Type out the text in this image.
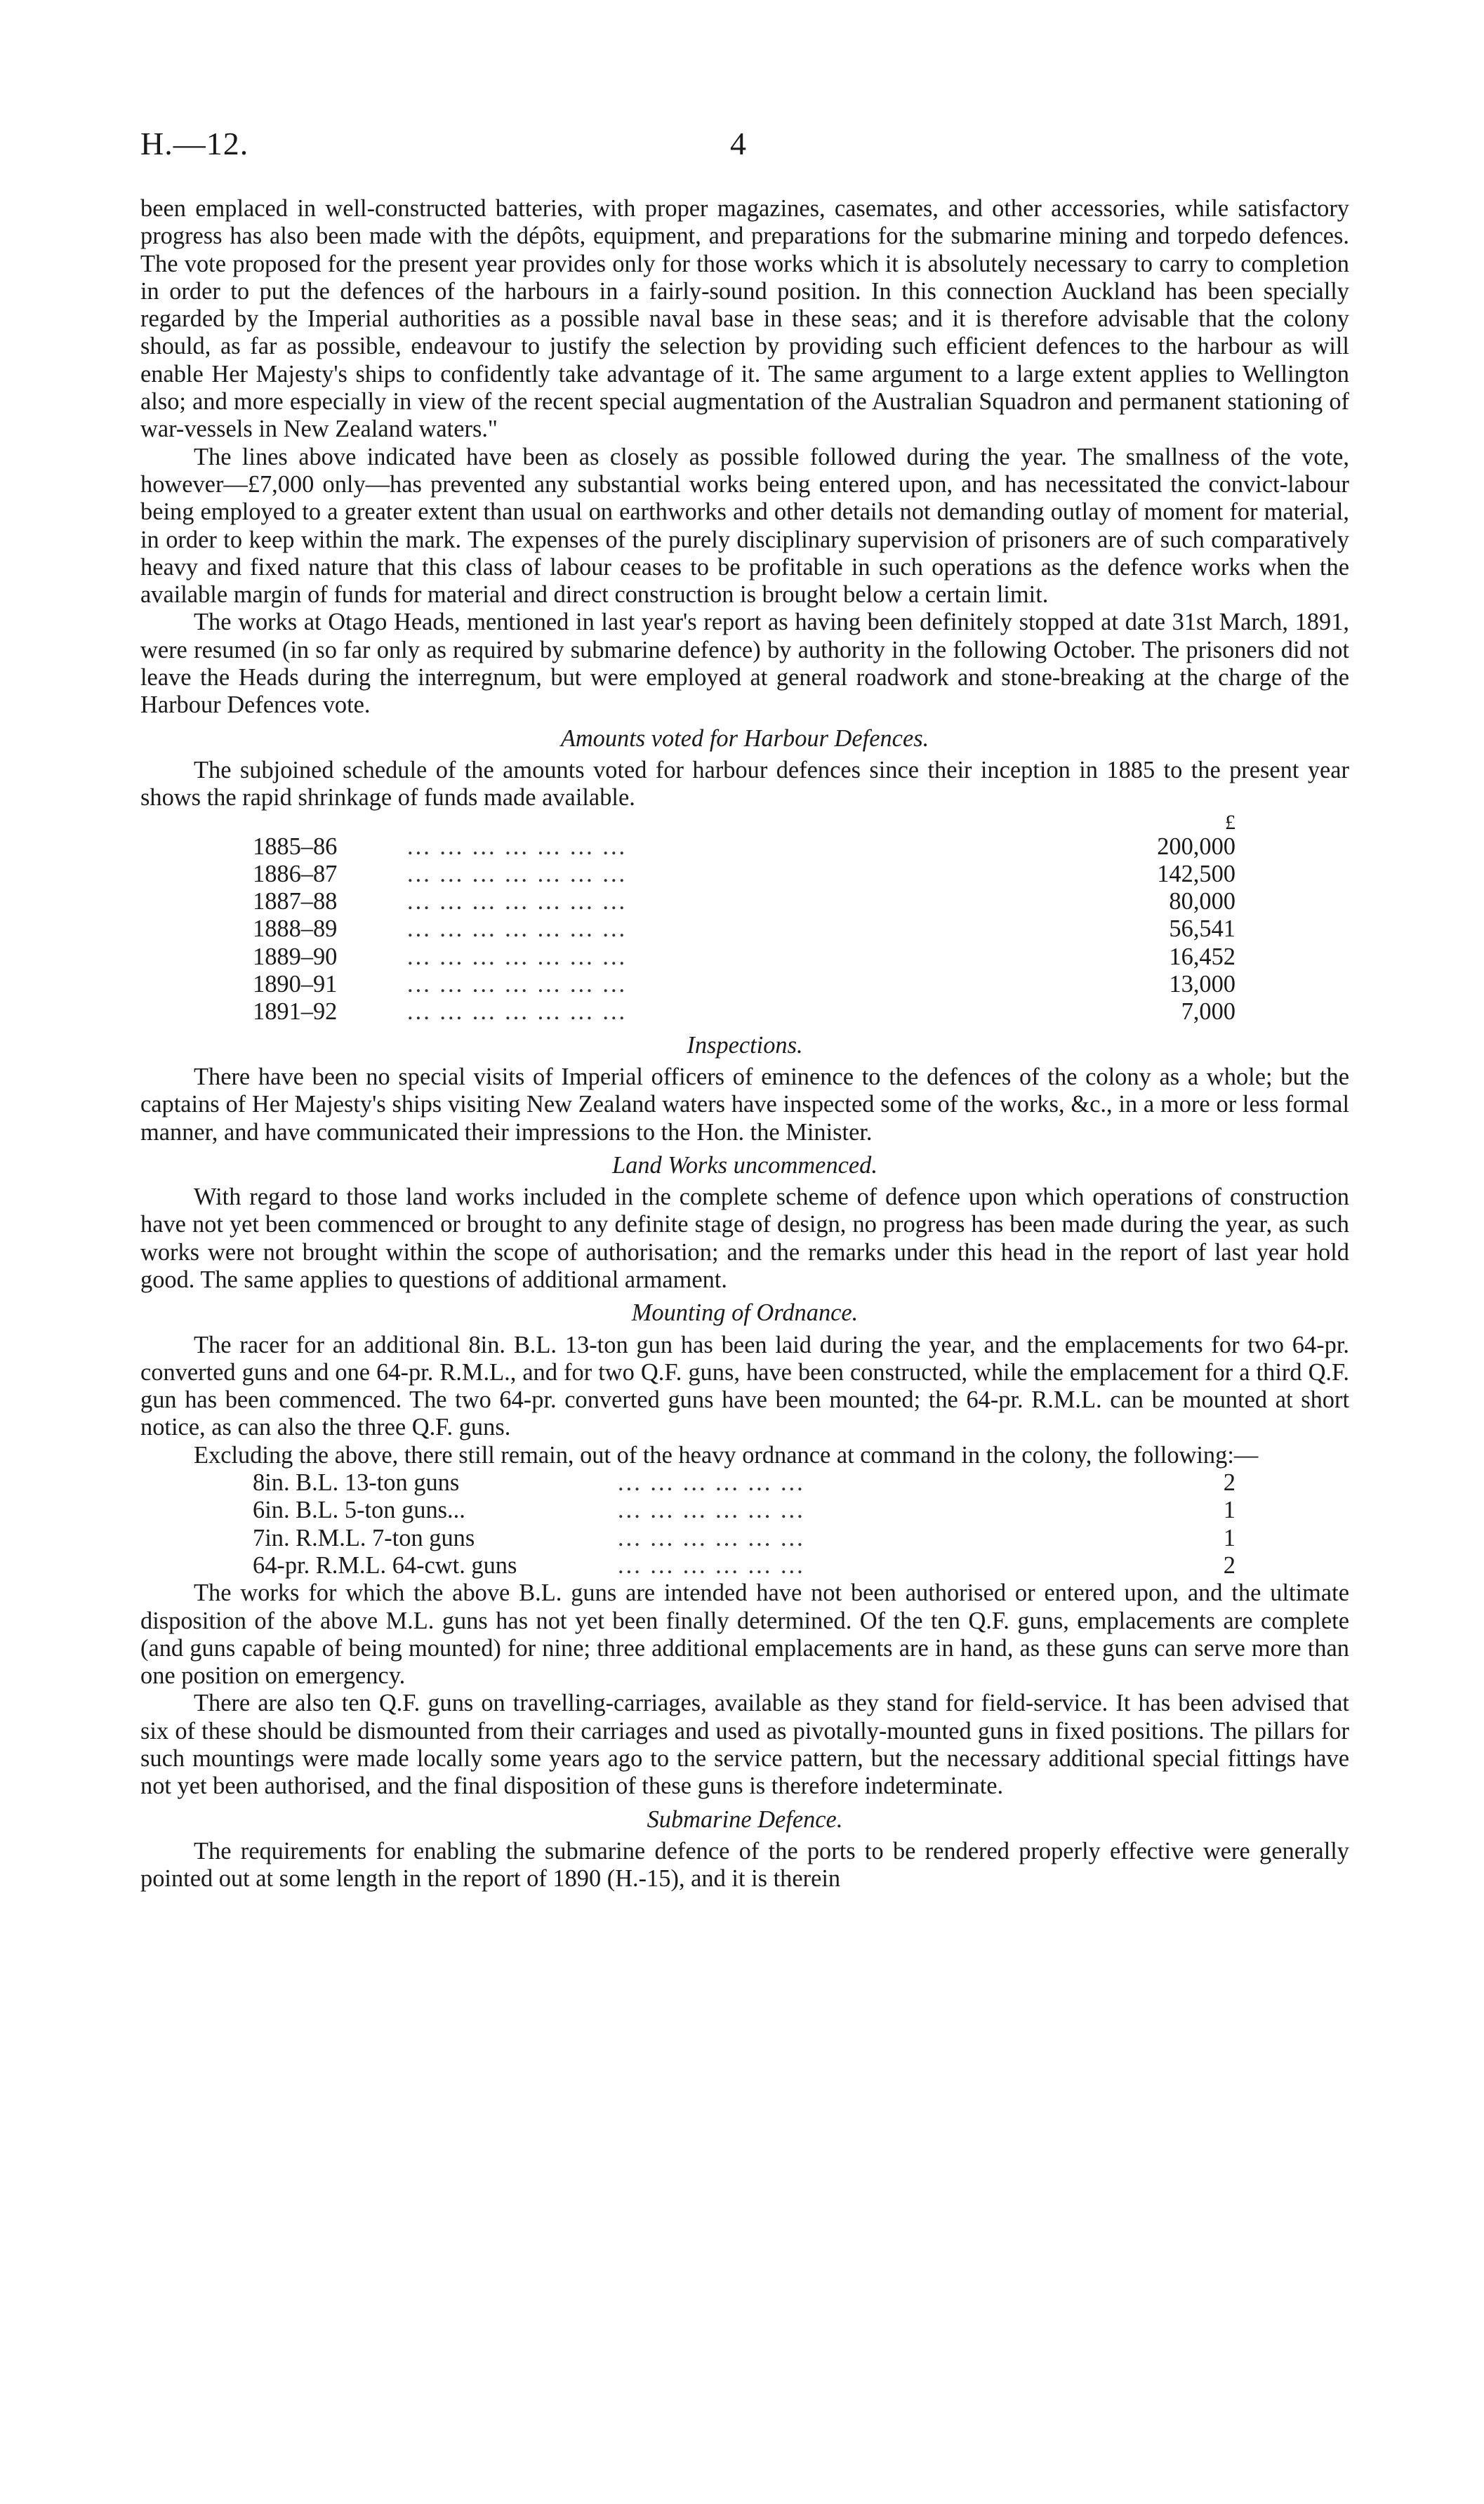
H.—12.	4

been emplaced in well-constructed batteries, with proper magazines, casemates, and other accessories, while satisfactory progress has also been made with the dépôts, equipment, and preparations for the submarine mining and torpedo defences. The vote proposed for the present year provides only for those works which it is absolutely necessary to carry to completion in order to put the defences of the harbours in a fairly-sound position. In this connection Auckland has been specially regarded by the Imperial authorities as a possible naval base in these seas; and it is therefore advisable that the colony should, as far as possible, endeavour to justify the selection by providing such efficient defences to the harbour as will enable Her Majesty's ships to confidently take advantage of it. The same argument to a large extent applies to Wellington also; and more especially in view of the recent special augmentation of the Australian Squadron and permanent stationing of war-vessels in New Zealand waters."

The lines above indicated have been as closely as possible followed during the year. The smallness of the vote, however—£7,000 only—has prevented any substantial works being entered upon, and has necessitated the convict-labour being employed to a greater extent than usual on earthworks and other details not demanding outlay of moment for material, in order to keep within the mark. The expenses of the purely disciplinary supervision of prisoners are of such comparatively heavy and fixed nature that this class of labour ceases to be profitable in such operations as the defence works when the available margin of funds for material and direct construction is brought below a certain limit.

The works at Otago Heads, mentioned in last year's report as having been definitely stopped at date 31st March, 1891, were resumed (in so far only as required by submarine defence) by authority in the following October. The prisoners did not leave the Heads during the interregnum, but were employed at general roadwork and stone-breaking at the charge of the Harbour Defences vote.

Amounts voted for Harbour Defences.

The subjoined schedule of the amounts voted for harbour defences since their inception in 1885 to the present year shows the rapid shrinkage of funds made available.

£
1885–86	... ... ... ... ... ... ...	200,000
1886–87	... ... ... ... ... ... ...	142,500
1887–88	... ... ... ... ... ... ...	80,000
1888–89	... ... ... ... ... ... ...	56,541
1889–90	... ... ... ... ... ... ...	16,452
1890–91	... ... ... ... ... ... ...	13,000
1891–92	... ... ... ... ... ... ...	7,000
Inspections.

There have been no special visits of Imperial officers of eminence to the defences of the colony as a whole; but the captains of Her Majesty's ships visiting New Zealand waters have inspected some of the works, &c., in a more or less formal manner, and have communicated their impressions to the Hon. the Minister.

Land Works uncommenced.

With regard to those land works included in the complete scheme of defence upon which operations of construction have not yet been commenced or brought to any definite stage of design, no progress has been made during the year, as such works were not brought within the scope of authorisation; and the remarks under this head in the report of last year hold good. The same applies to questions of additional armament.

Mounting of Ordnance.

The racer for an additional 8in. B.L. 13-ton gun has been laid during the year, and the emplacements for two 64-pr. converted guns and one 64-pr. R.M.L., and for two Q.F. guns, have been constructed, while the emplacement for a third Q.F. gun has been commenced. The two 64-pr. converted guns have been mounted; the 64-pr. R.M.L. can be mounted at short notice, as can also the three Q.F. guns.

Excluding the above, there still remain, out of the heavy ordnance at command in the colony, the following:—

8in. B.L. 13-ton guns	... ... ... ... ... ...	2
6in. B.L. 5-ton guns...	... ... ... ... ... ...	1
7in. R.M.L. 7-ton guns	... ... ... ... ... ...	1
64-pr. R.M.L. 64-cwt. guns	... ... ... ... ... ...	2

The works for which the above B.L. guns are intended have not been authorised or entered upon, and the ultimate disposition of the above M.L. guns has not yet been finally determined. Of the ten Q.F. guns, emplacements are complete (and guns capable of being mounted) for nine; three additional emplacements are in hand, as these guns can serve more than one position on emergency.

There are also ten Q.F. guns on travelling-carriages, available as they stand for field-service. It has been advised that six of these should be dismounted from their carriages and used as pivotally-mounted guns in fixed positions. The pillars for such mountings were made locally some years ago to the service pattern, but the necessary additional special fittings have not yet been authorised, and the final disposition of these guns is therefore indeterminate.

Submarine Defence.

The requirements for enabling the submarine defence of the ports to be rendered properly effective were generally pointed out at some length in the report of 1890 (H.-15), and it is therein
